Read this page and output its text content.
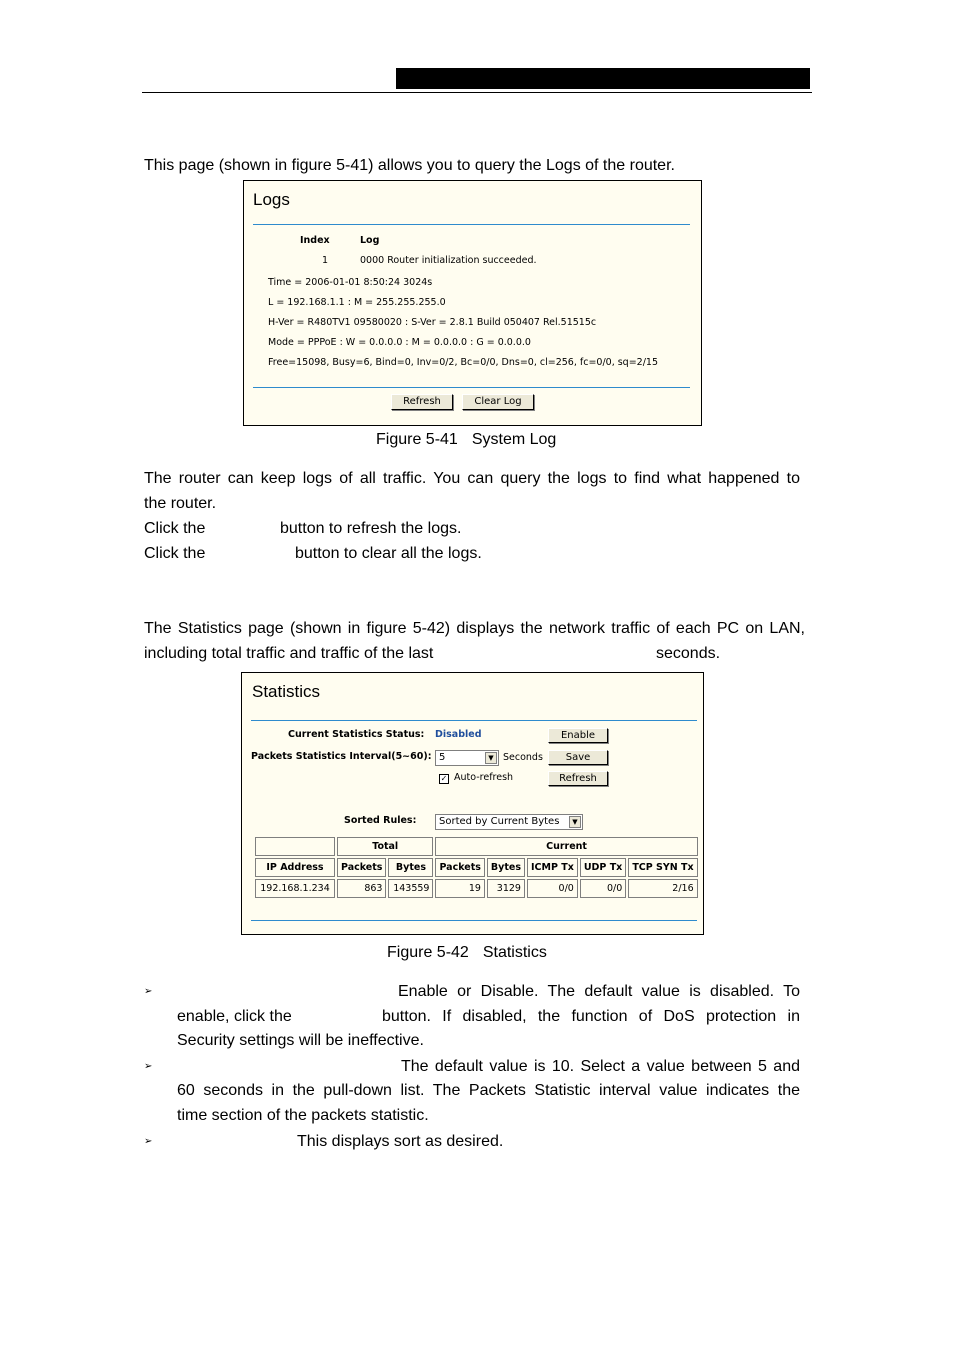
This page (shown in figure 5-41) allows you to query the Logs of the router.
Logs
Index	Log
1	0000 Router initialization succeeded.
Time = 2006-01-01 8:50:24 3024s
L = 192.168.1.1 : M = 255.255.255.0
H-Ver = R480TV1 09580020 : S-Ver = 2.8.1 Build 050407 Rel.51515c
Mode = PPPoE : W = 0.0.0.0 : M = 0.0.0.0 : G = 0.0.0.0
Free=15098, Busy=6, Bind=0, Inv=0/2, Bc=0/0, Dns=0, cl=256, fc=0/0, sq=2/15
Refresh	Clear Log
Figure 5-41 System Log
The router can keep logs of all traffic. You can query the logs to find what happened to
the router.
Click the	button to refresh the logs.
Click the	button to clear all the logs.
The Statistics page (shown in figure 5-42) displays the network traffic of each PC on LAN,
including total traffic and traffic of the last	seconds.
Statistics
Current Statistics Status: Disabled	Enable
Packets Statistics Interval(5~60): 5	▼ Seconds	Save
✓ Auto-refresh	Refresh
Sorted Rules:	Sorted by Current Bytes	▼
	Total		Current				
IP Address	Packets	Bytes	Packets	Bytes	ICMP Tx	UDP Tx	TCP SYN Tx
192.168.1.234	863	143559	19	3129	0/0	0/0	2/16
Figure 5-42 Statistics
➢	Enable or Disable. The default value is disabled. To
enable, click the	button. If disabled, the function of DoS protection in
Security settings will be ineffective.
➢	The default value is 10. Select a value between 5 and
60 seconds in the pull-down list. The Packets Statistic interval value indicates the
time section of the packets statistic.
➢	This displays sort as desired.
